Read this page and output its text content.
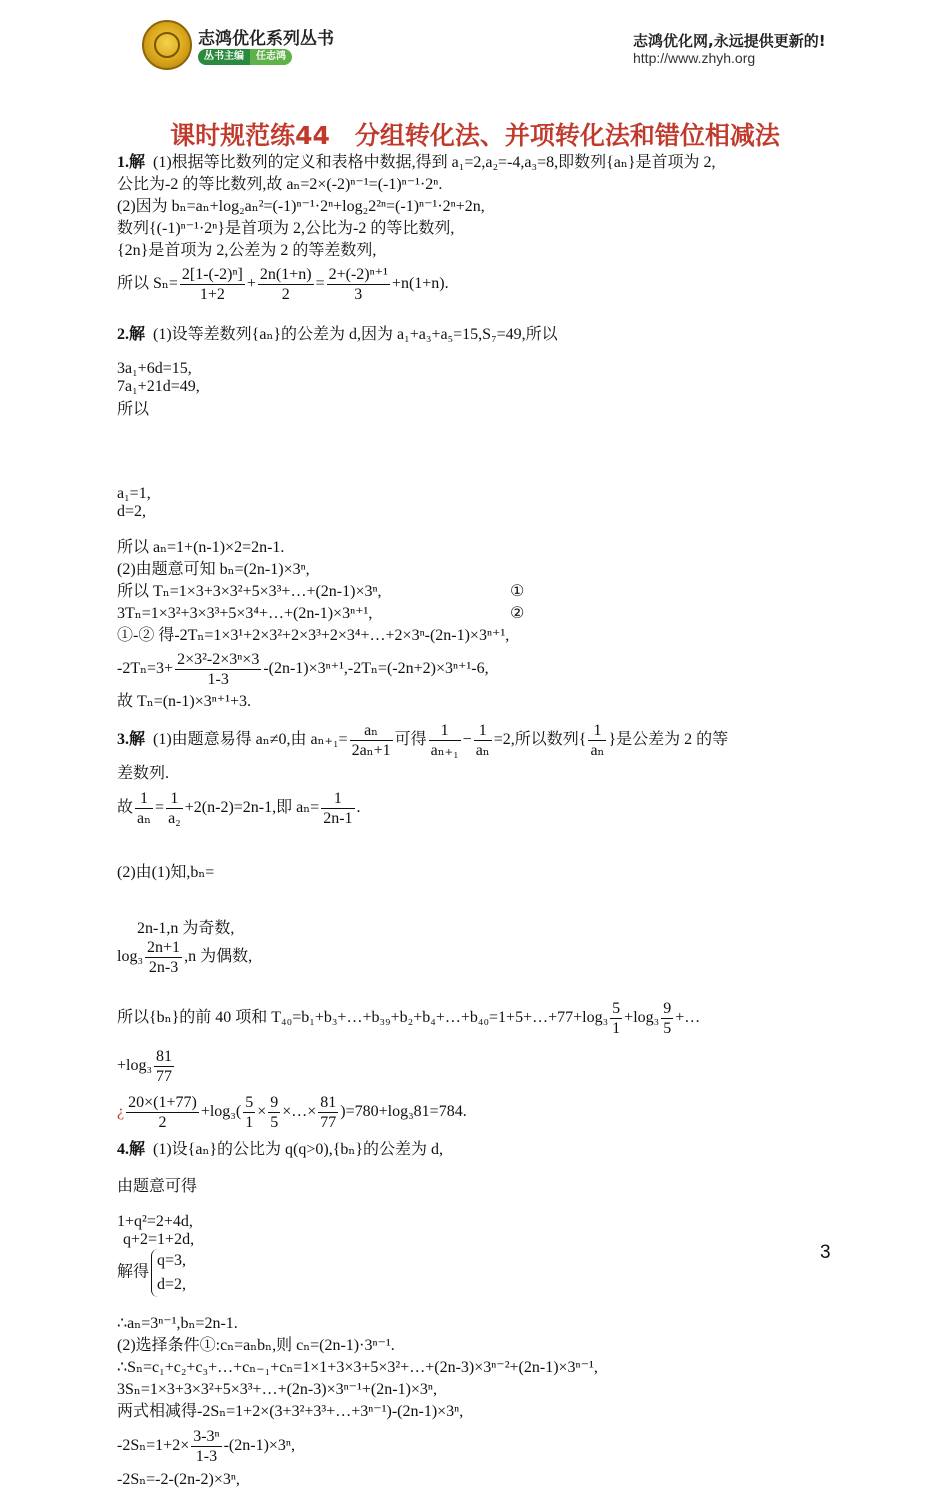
志鸿优化系列丛书
丛书主编	任志鸿
志鸿优化网,永远提供更新的!
http://www.zhyh.org
课时规范练44　分组转化法、并项转化法和错位相减法

1.解 (1)根据等比数列的定义和表格中数据,得到 a₁=2,a₂=-4,a₃=8,即数列{aₙ}是首项为 2,

公比为-2 的等比数列,故 aₙ=2×(-2)ⁿ⁻¹=(-1)ⁿ⁻¹·2ⁿ.

(2)因为 bₙ=aₙ+log₂aₙ²=(-1)ⁿ⁻¹·2ⁿ+log₂2²ⁿ=(-1)ⁿ⁻¹·2ⁿ+2n,

数列{(-1)ⁿ⁻¹·2ⁿ}是首项为 2,公比为-2 的等比数列,

{2n}是首项为 2,公差为 2 的等差数列,

所以 $S_n= \frac{\text{2[1-(-2)ⁿ]}}{1+2} + \frac{2n(1+n)}{2} = \frac{\text{2+(-2)ⁿ⁺¹}}{3} +n(1+n)$.

2.解 (1)设等差数列{aₙ}的公差为 d,因为 a₁+a₃+a₅=15,S₇=49,所以

3a₁+6d=15,
7a₁+21d=49,
所以

a₁=1,
d=2,

所以 aₙ=1+(n-1)×2=2n-1.

(2)由题意可知 bₙ=(2n-1)×3ⁿ,

所以 Tₙ=1×3+3×3²+5×3³+…+(2n-1)×3ⁿ,	①

3Tₙ=1×3²+3×3³+5×3⁴+…+(2n-1)×3ⁿ⁺¹,	②

①-② 得-2Tₙ=1×3¹+2×3²+2×3³+2×3⁴+…+2×3ⁿ-(2n-1)×3ⁿ⁺¹,

$-2T_n=3+ \frac{\text{2×3²-2×3ⁿ×3}}{1-3} -(2n-1)\times 3^{n+1},-2T_n=(-2n+2)\times 3^{n+1}-6$,

故 Tₙ=(n-1)×3ⁿ⁺¹+3.

3.解 (1)由题意易得 aₙ≠0,由 $a_{n+1}= \frac{\text{aₙ}}{\text{2aₙ+1}}$ 可得 $\frac{1}{\text{aₙ₊₁}} - \frac{1}{\text{aₙ}} =2$,所以数列{ $\frac{1}{\text{aₙ}}$ }是公差为 2 的等

差数列.

故 $\frac{1}{\text{aₙ}} = \frac{1}{\text{a₂}} +2(n-2)=2n-1$,即 $a_n= \frac{1}{2n-1}$ .

(2)由(1)知,bₙ=

2n-1,n 为奇数,
$\log_3 \frac{2n+1}{2n-3} ,n$ 为偶数,

所以{bₙ}的前 40 项和 T₄₀=b₁+b₃+…+b₃₉+b₂+b₄+…+b₄₀=1+5+…+77+log₃ $\frac{5}{1} +\log_3 \frac{9}{5}$ +…

$+\log_3 \frac{81}{77}$

¿ $\frac{20\times(1+77)}{2} +\log_3( \frac{5}{1} \times \frac{9}{5}$ ×…× $\frac{81}{77} )=780+\log_381=784$.

4.解 (1)设{aₙ}的公比为 q(q>0),{bₙ}的公差为 d,

由题意可得

1+q²=2+4d,
q+2=1+2d,
解得
q=3,
d=2,

∴aₙ=3ⁿ⁻¹,bₙ=2n-1.

(2)选择条件①:cₙ=aₙbₙ,则 cₙ=(2n-1)·3ⁿ⁻¹.

∴Sₙ=c₁+c₂+c₃+…+cₙ₋₁+cₙ=1×1+3×3+5×3²+…+(2n-3)×3ⁿ⁻²+(2n-1)×3ⁿ⁻¹,

3Sₙ=1×3+3×3²+5×3³+…+(2n-3)×3ⁿ⁻¹+(2n-1)×3ⁿ,

两式相减得-2Sₙ=1+2×(3+3²+3³+…+3ⁿ⁻¹)-(2n-1)×3ⁿ,

$-2S_n=1+2\times \frac{\text{3-3ⁿ}}{1-3} -(2n-1)\times 3^n$,

-2Sₙ=-2-(2n-2)×3ⁿ,

3
